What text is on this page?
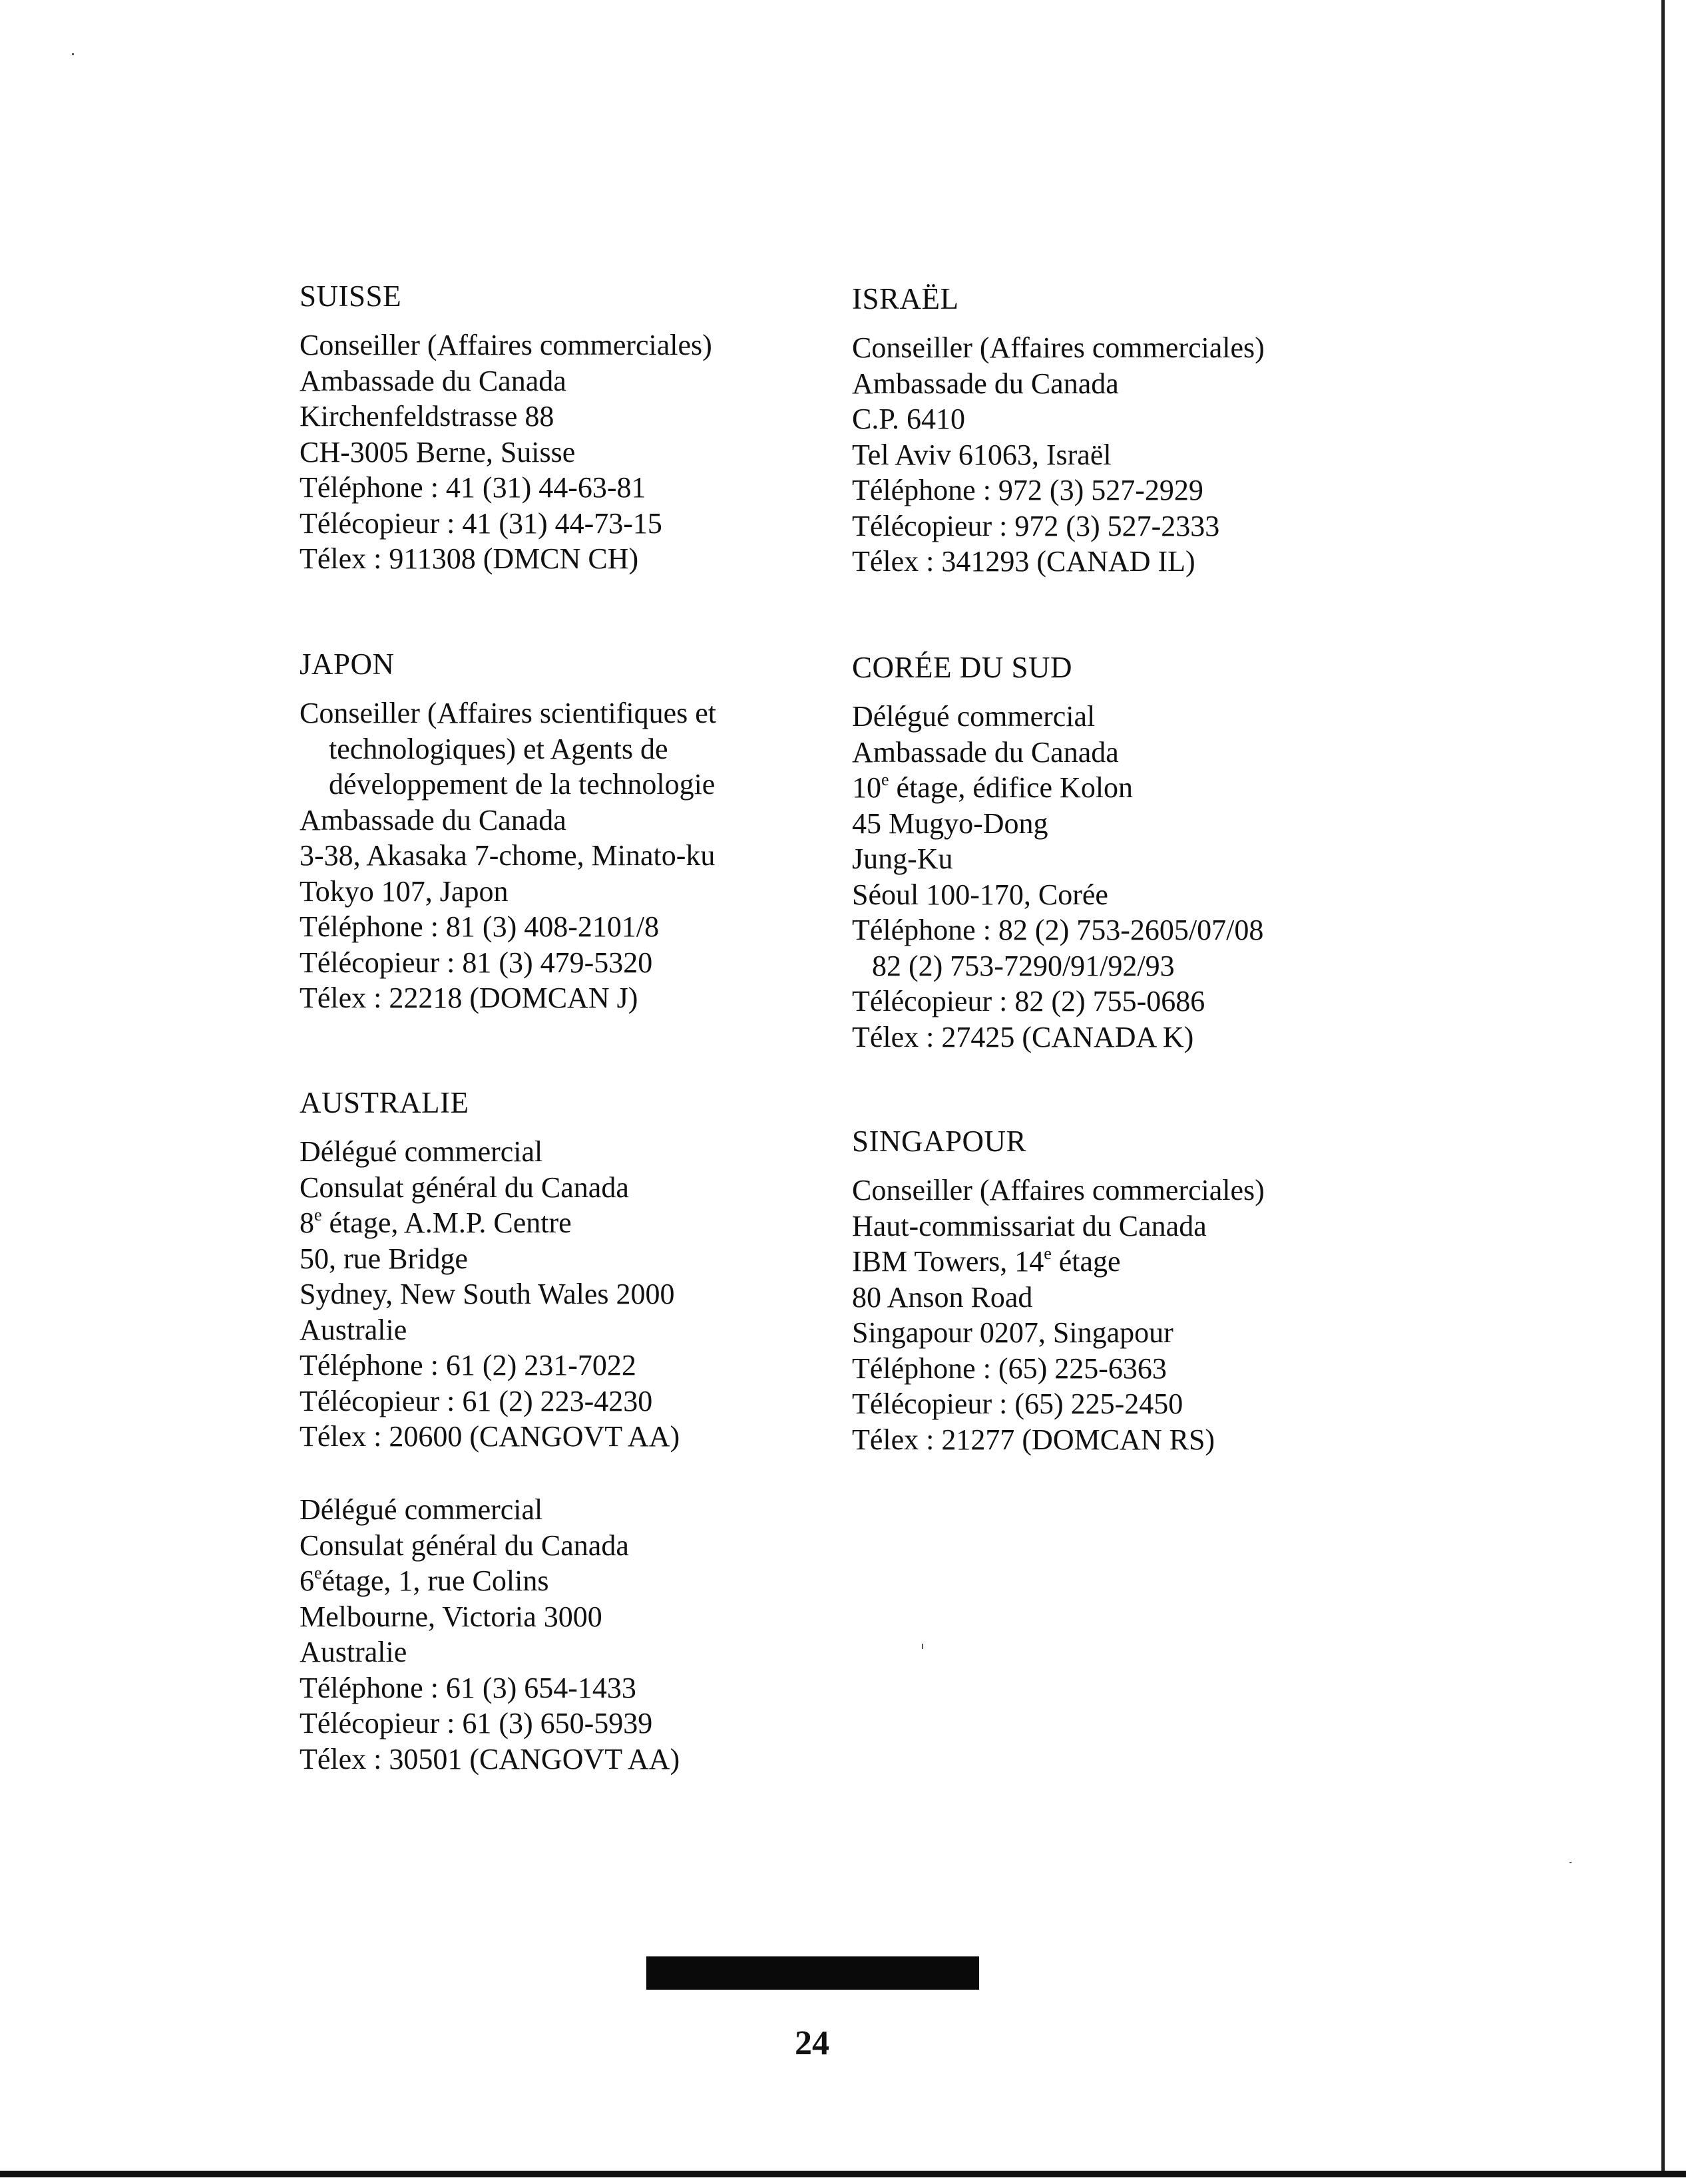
SUISSE
Conseiller (Affaires commerciales)
Ambassade du Canada
Kirchenfeldstrasse 88
CH-3005 Berne, Suisse
Téléphone : 41 (31) 44-63-81
Télécopieur : 41 (31) 44-73-15
Télex : 911308 (DMCN CH)
JAPON
Conseiller (Affaires scientifiques et
technologiques) et Agents de
développement de la technologie
Ambassade du Canada
3-38, Akasaka 7-chome, Minato-ku
Tokyo 107, Japon
Téléphone : 81 (3) 408-2101/8
Télécopieur : 81 (3) 479-5320
Télex : 22218 (DOMCAN J)
AUSTRALIE
Délégué commercial
Consulat général du Canada
8e étage, A.M.P. Centre
50, rue Bridge
Sydney, New South Wales 2000
Australie
Téléphone : 61 (2) 231-7022
Télécopieur : 61 (2) 223-4230
Télex : 20600 (CANGOVT AA)
Délégué commercial
Consulat général du Canada
6eétage, 1, rue Colins
Melbourne, Victoria 3000
Australie
Téléphone : 61 (3) 654-1433
Télécopieur : 61 (3) 650-5939
Télex : 30501 (CANGOVT AA)
ISRAËL
Conseiller (Affaires commerciales)
Ambassade du Canada
C.P. 6410
Tel Aviv 61063, Israël
Téléphone : 972 (3) 527-2929
Télécopieur : 972 (3) 527-2333
Télex : 341293 (CANAD IL)
CORÉE DU SUD
Délégué commercial
Ambassade du Canada
10e étage, édifice Kolon
45 Mugyo-Dong
Jung-Ku
Séoul 100-170, Corée
Téléphone : 82 (2) 753-2605/07/08
82 (2) 753-7290/91/92/93
Télécopieur : 82 (2) 755-0686
Télex : 27425 (CANADA K)
SINGAPOUR
Conseiller (Affaires commerciales)
Haut-commissariat du Canada
IBM Towers, 14e étage
80 Anson Road
Singapour 0207, Singapour
Téléphone : (65) 225-6363
Télécopieur : (65) 225-2450
Télex : 21277 (DOMCAN RS)
24
